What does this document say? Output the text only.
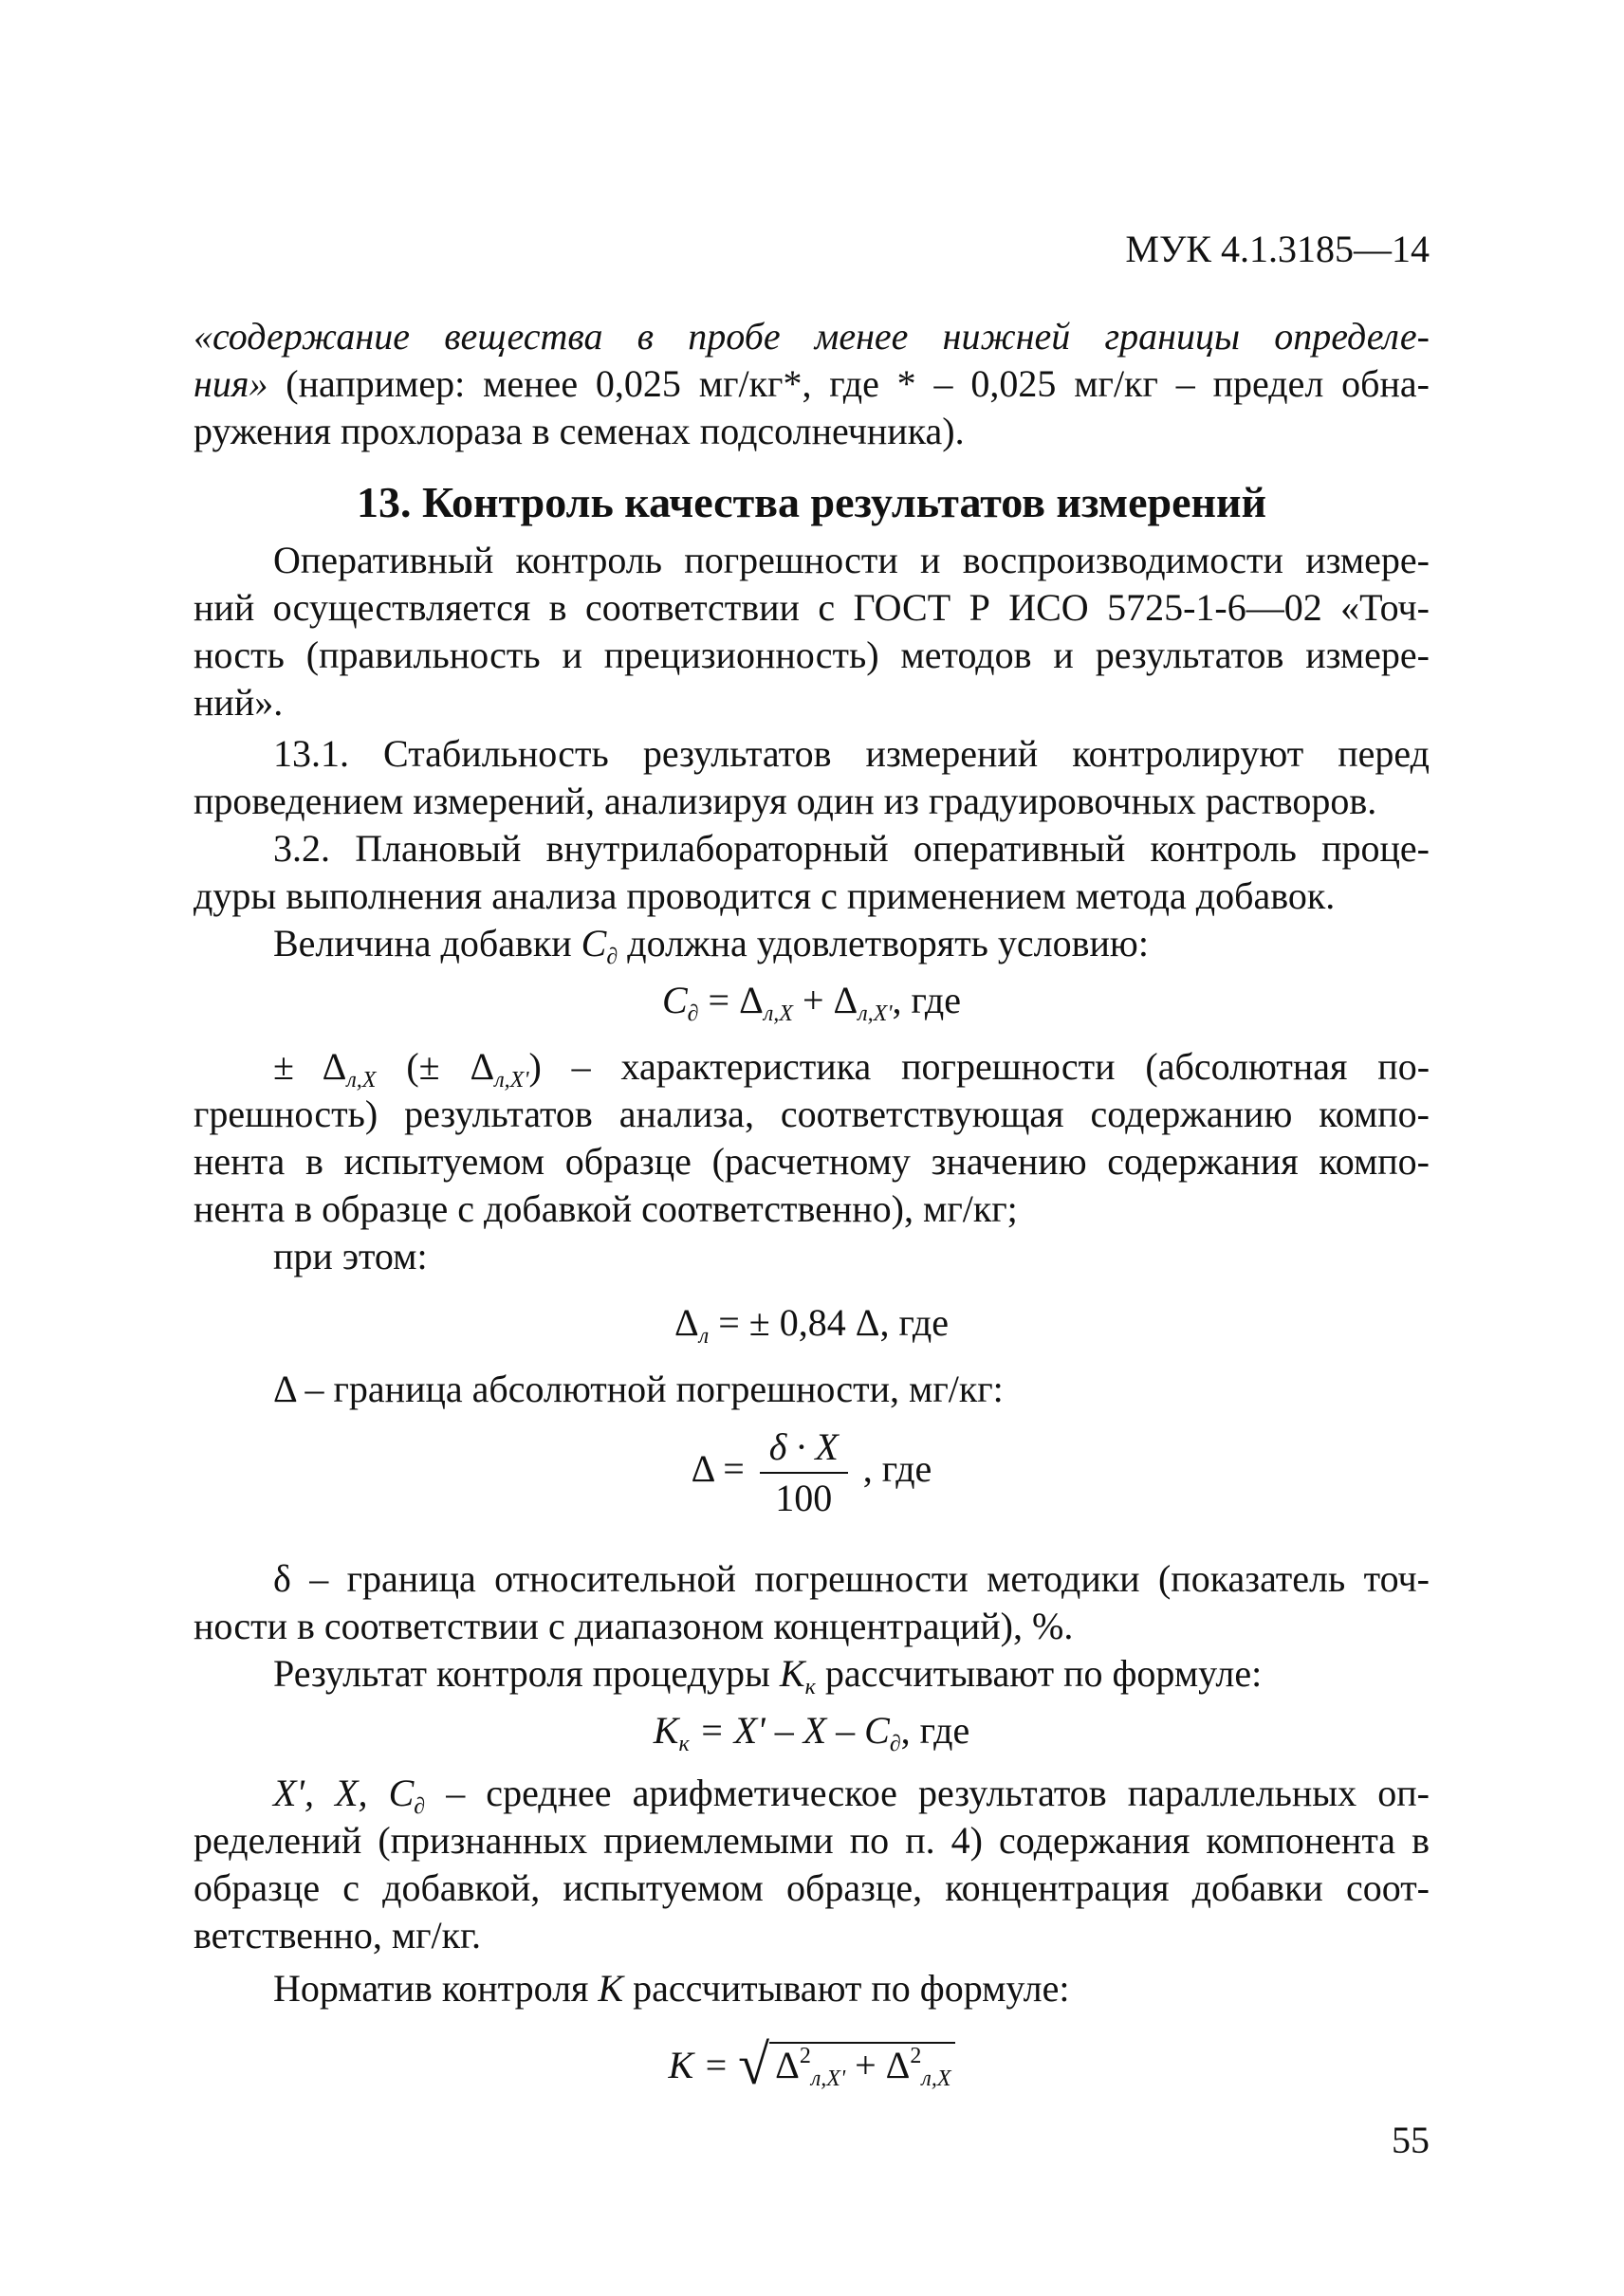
МУК 4.1.3185—14

«содержание вещества в пробе менее нижней границы определе-

ния» (например: менее 0,025 мг/кг*, где * – 0,025 мг/кг – предел обна-

ружения прохлораза в семенах подсолнечника).

13. Контроль качества результатов измерений

Оперативный контроль погрешности и воспроизводимости измере-

ний осуществляется в соответствии с ГОСТ Р ИСО 5725-1-6—02 «Точ-

ность (правильность и прецизионность) методов и результатов измере-

ний».

13.1. Стабильность результатов измерений контролируют перед

проведением измерений, анализируя один из градуировочных растворов.

3.2. Плановый внутрилабораторный оперативный контроль проце-

дуры выполнения анализа проводится с применением метода добавок.

Величина добавки $C_\partial$ должна удовлетворять условию:

$C_\partial = \Delta_{л,X} + \Delta_{л,X'}$, где

± $\Delta_{л,X}$ (± $\Delta_{л,X'}$) – характеристика погрешности (абсолютная по-

грешность) результатов анализа, соответствующая содержанию компо-

нента в испытуемом образце (расчетному значению содержания компо-

нента в образце с добавкой соответственно), мг/кг;

при этом:

$\Delta_л$ = ± 0,84 Δ, где

Δ – граница абсолютной погрешности, мг/кг:

$\Delta = \frac{\delta \cdot X}{100}$ , где

δ – граница относительной погрешности методики (показатель точ-

ности в соответствии с диапазоном концентраций), %.

Результат контроля процедуры $K_к$ рассчитывают по формуле:

$K_к = X' - X - C_\partial$, где

X', X, $C_\partial$ – среднее арифметическое результатов параллельных оп-

ределений (признанных приемлемыми по п. 4) содержания компонента в

образце с добавкой, испытуемом образце, концентрация добавки соот-

ветственно, мг/кг.

Норматив контроля K рассчитывают по формуле:

K = √ $\Delta^2_{л,X'} + \Delta^2_{л,X}$

55
